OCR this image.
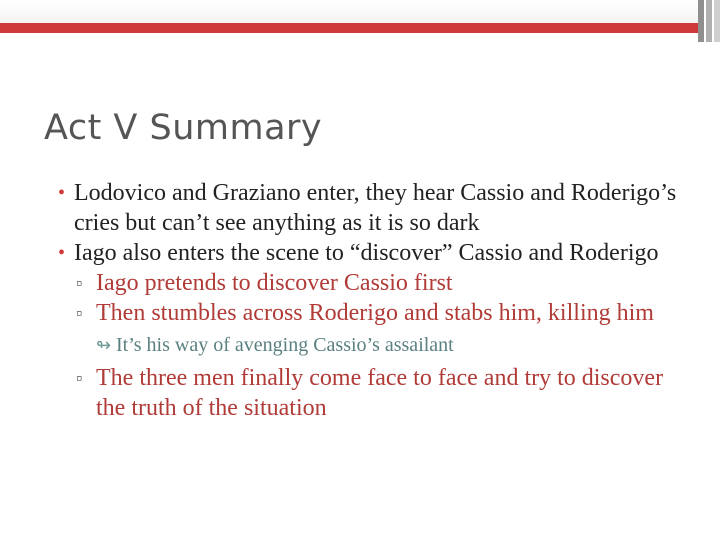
Act V Summary
• Lodovico and Graziano enter, they hear Cassio and Roderigo’s cries but can’t see anything as it is so dark
• Iago also enters the scene to “discover” Cassio and Roderigo
▫ Iago pretends to discover Cassio first
▫ Then stumbles across Roderigo and stabs him, killing him
↬ It’s his way of avenging Cassio’s assailant
▫ The three men finally come face to face and try to discover the truth of the situation
